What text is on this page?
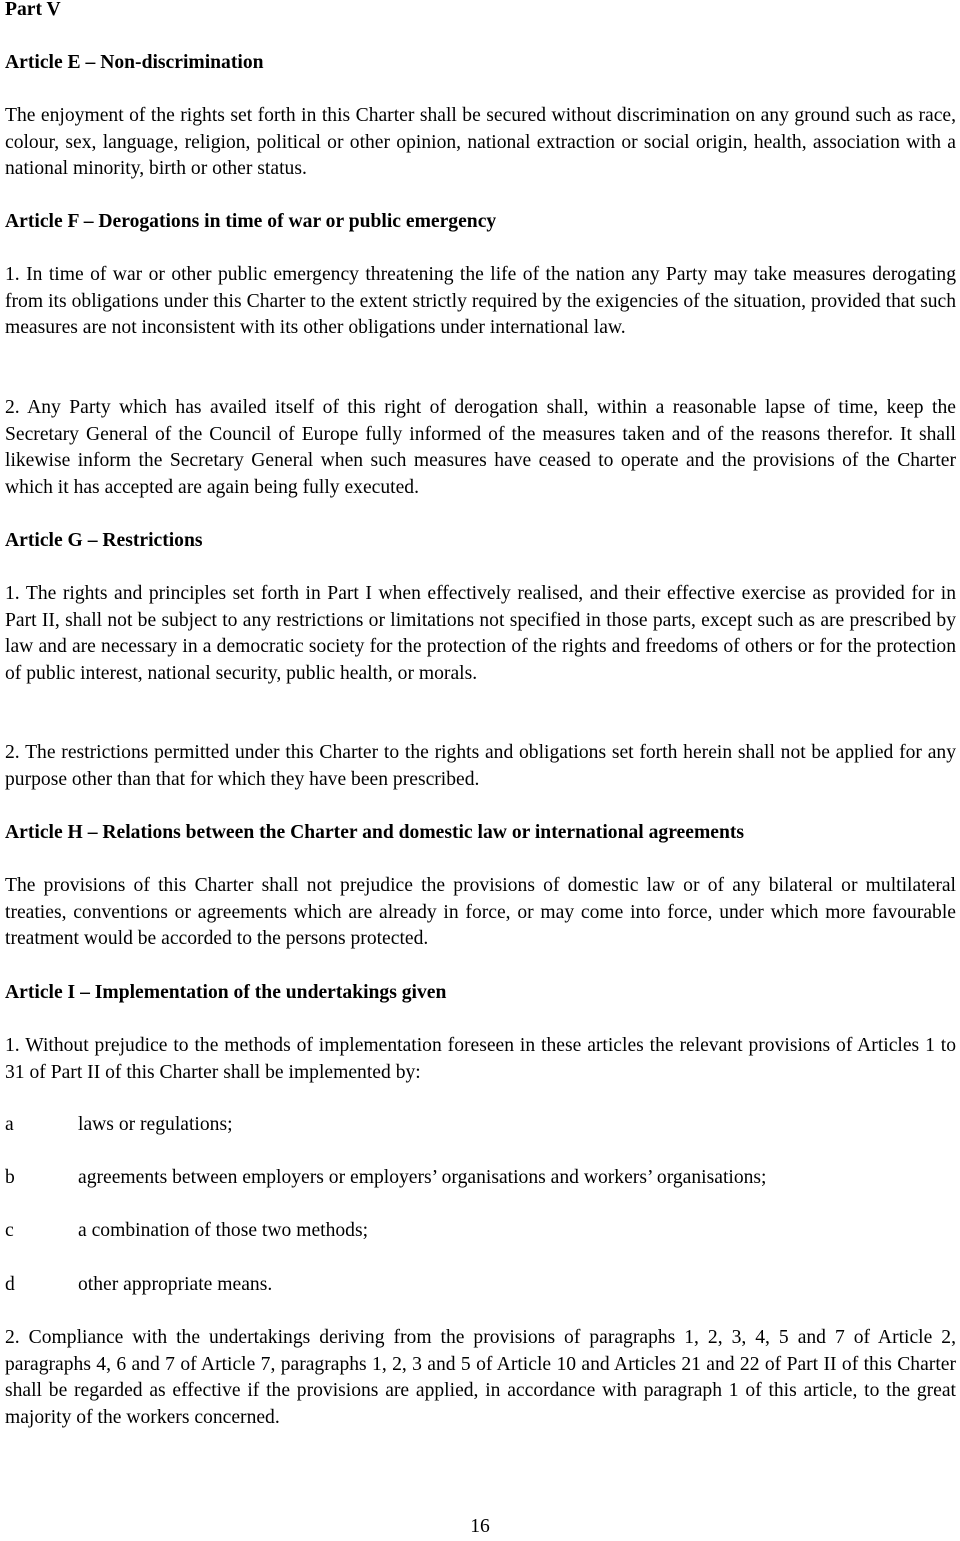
Part V
Article E – Non-discrimination

The enjoyment of the rights set forth in this Charter shall be secured without discrimination on any ground such as race, colour, sex, language, religion, political or other opinion, national extraction or social origin, health, association with a national minority, birth or other status.

Article F – Derogations in time of war or public emergency

1. In time of war or other public emergency threatening the life of the nation any Party may take measures derogating from its obligations under this Charter to the extent strictly required by the exigencies of the situation, provided that such measures are not inconsistent with its other obligations under international law.

2. Any Party which has availed itself of this right of derogation shall, within a reasonable lapse of time, keep the Secretary General of the Council of Europe fully informed of the measures taken and of the reasons therefor. It shall likewise inform the Secretary General when such measures have ceased to operate and the provisions of the Charter which it has accepted are again being fully executed.

Article G – Restrictions

1. The rights and principles set forth in Part I when effectively realised, and their effective exercise as provided for in Part II, shall not be subject to any restrictions or limitations not specified in those parts, except such as are prescribed by law and are necessary in a democratic society for the protection of the rights and freedoms of others or for the protection of public interest, national security, public health, or morals.

2. The restrictions permitted under this Charter to the rights and obligations set forth herein shall not be applied for any purpose other than that for which they have been prescribed.

Article H – Relations between the Charter and domestic law or international agreements

The provisions of this Charter shall not prejudice the provisions of domestic law or of any bilateral or multilateral treaties, conventions or agreements which are already in force, or may come into force, under which more favourable treatment would be accorded to the persons protected.

Article I – Implementation of the undertakings given

1. Without prejudice to the methods of implementation foreseen in these articles the relevant provisions of Articles 1 to 31 of Part II of this Charter shall be implemented by:

a	laws or regulations;
b	agreements between employers or employers’ organisations and workers’ organisations;
c	a combination of those two methods;
d	other appropriate means.

2. Compliance with the undertakings deriving from the provisions of paragraphs 1, 2, 3, 4, 5 and 7 of Article 2, paragraphs 4, 6 and 7 of Article 7, paragraphs 1, 2, 3 and 5 of Article 10 and Articles 21 and 22 of Part II of this Charter shall be regarded as effective if the provisions are applied, in accordance with paragraph 1 of this article, to the great majority of the workers concerned.

16
